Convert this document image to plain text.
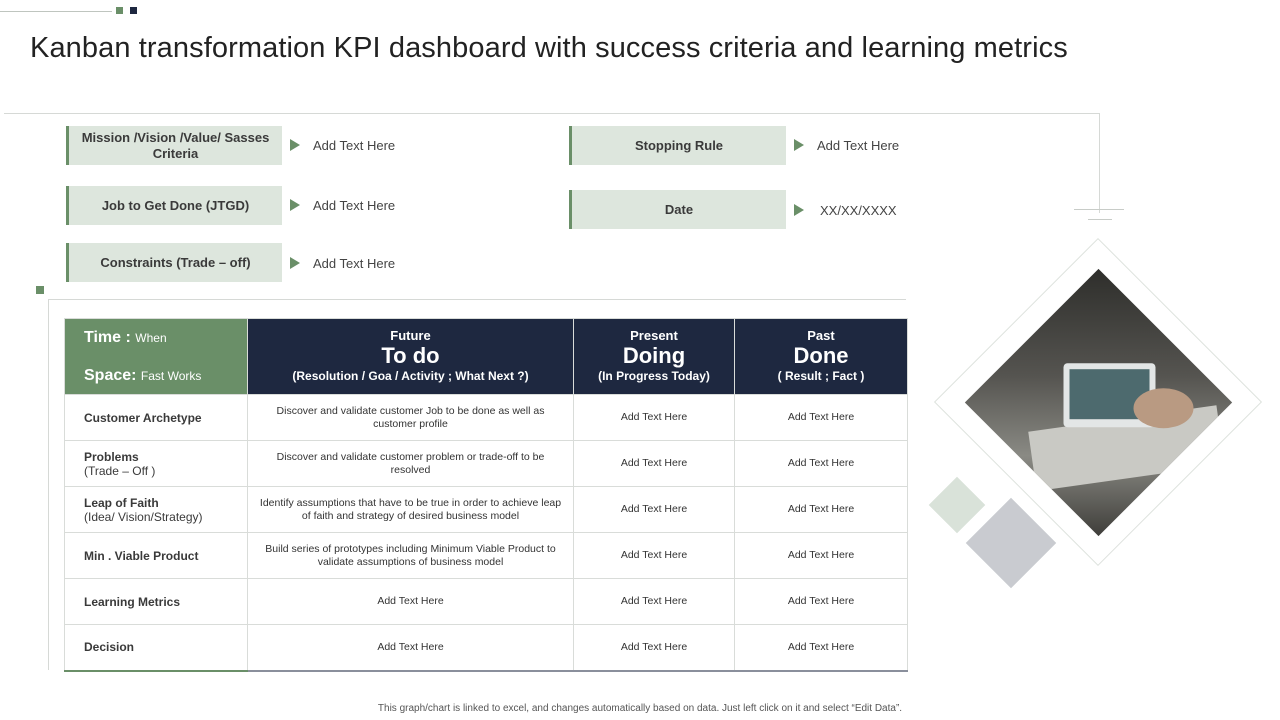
Kanban transformation KPI dashboard with success criteria and learning metrics
Mission /Vision /Value/ Sasses Criteria	Add Text Here
Job to Get Done (JTGD)	Add Text Here
Constraints (Trade – off)	Add Text Here
Stopping Rule	Add Text Here
Date	XX/XX/XXXX
Time : When
Space: Fast Works	Future
To do
(Resolution / Goa / Activity ; What Next ?)	Present
Doing
(In Progress Today)	Past
Done
( Result ; Fact )

Customer Archetype	Discover and validate customer Job to be done as well as customer profile	Add Text Here	Add Text Here

Problems
(Trade – Off )	Discover and validate customer problem or trade-off to be resolved	Add Text Here	Add Text Here

Leap of Faith
(Idea/ Vision/Strategy)	Identify assumptions that have to be true in order to achieve leap of faith and strategy of desired business model	Add Text Here	Add Text Here

Min . Viable Product	Build series of prototypes including Minimum Viable Product to validate assumptions of business model	Add Text Here	Add Text Here

Learning Metrics	Add Text Here	Add Text Here	Add Text Here

Decision	Add Text Here	Add Text Here	Add Text Here
This graph/chart is linked to excel, and changes automatically based on data. Just left click on it and select “Edit Data”.
